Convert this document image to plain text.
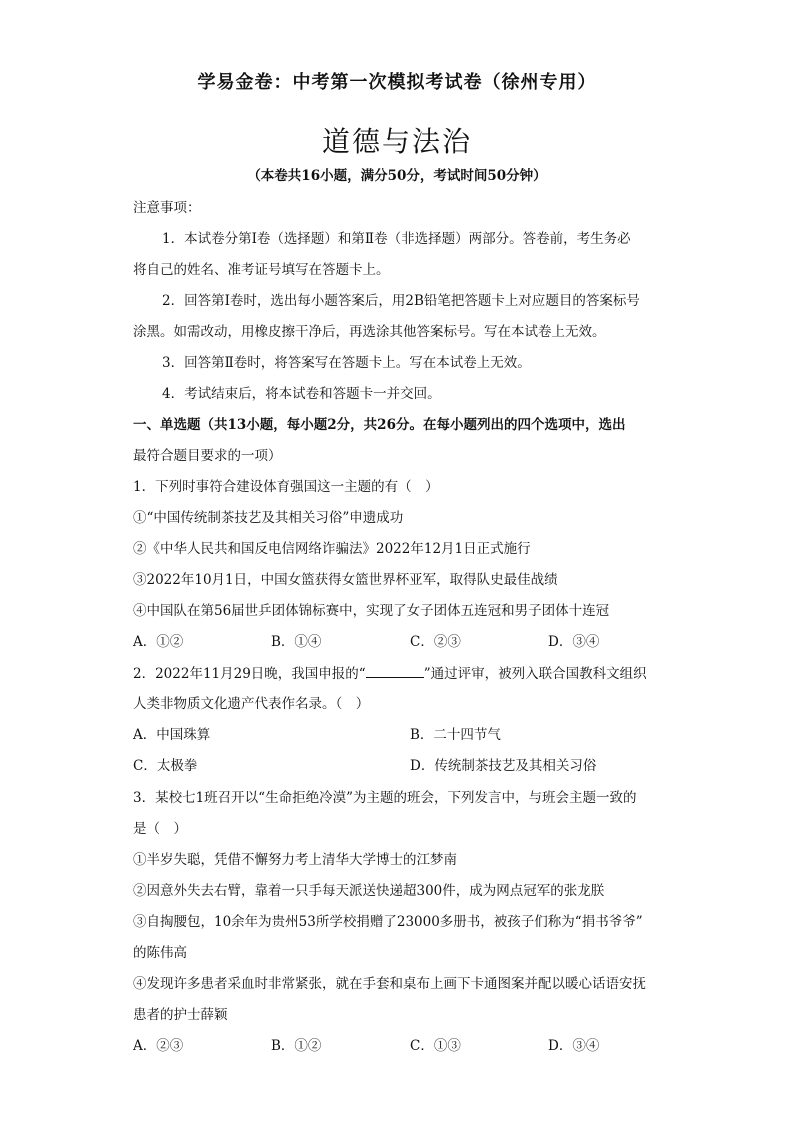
学易金卷：中考第一次模拟考试卷（徐州专用）
道德与法治
（本卷共16小题，满分50分，考试时间50分钟）
注意事项：
1．本试卷分第Ⅰ卷（选择题）和第Ⅱ卷（非选择题）两部分。答卷前，考生务必
将自己的姓名、准考证号填写在答题卡上。
2．回答第Ⅰ卷时，选出每小题答案后，用2B铅笔把答题卡上对应题目的答案标号
涂黑。如需改动，用橡皮擦干净后，再选涂其他答案标号。写在本试卷上无效。
3．回答第Ⅱ卷时，将答案写在答题卡上。写在本试卷上无效。
4．考试结束后，将本试卷和答题卡一并交回。
一、单选题（共13小题，每小题2分，共26分。在每小题列出的四个选项中，选出
最符合题目要求的一项）
1．下列时事符合建设体育强国这一主题的有（　）
①“中国传统制茶技艺及其相关习俗”申遗成功
②《中华人民共和国反电信网络诈骗法》2022年12月1日正式施行
③2022年10月1日，中国女篮获得女篮世界杯亚军，取得队史最佳战绩
④中国队在第56届世乒团体锦标赛中，实现了女子团体五连冠和男子团体十连冠
A．①②	B．①④	C．②③	D．③④
2．2022年11月29日晚，我国申报的“	”通过评审，被列入联合国教科文组织
人类非物质文化遗产代表作名录。（　）
A．中国珠算	B．二十四节气
C．太极拳	D．传统制茶技艺及其相关习俗
3．某校七1班召开以“生命拒绝冷漠”为主题的班会，下列发言中，与班会主题一致的
是（　）
①半岁失聪，凭借不懈努力考上清华大学博士的江梦南
②因意外失去右臂，靠着一只手每天派送快递超300件，成为网点冠军的张龙朕
③自掏腰包，10余年为贵州53所学校捐赠了23000多册书，被孩子们称为“捐书爷爷”
的陈伟高
④发现许多患者采血时非常紧张，就在手套和桌布上画下卡通图案并配以暖心话语安抚
患者的护士薛颖
A．②③	B．①②	C．①③	D．③④
